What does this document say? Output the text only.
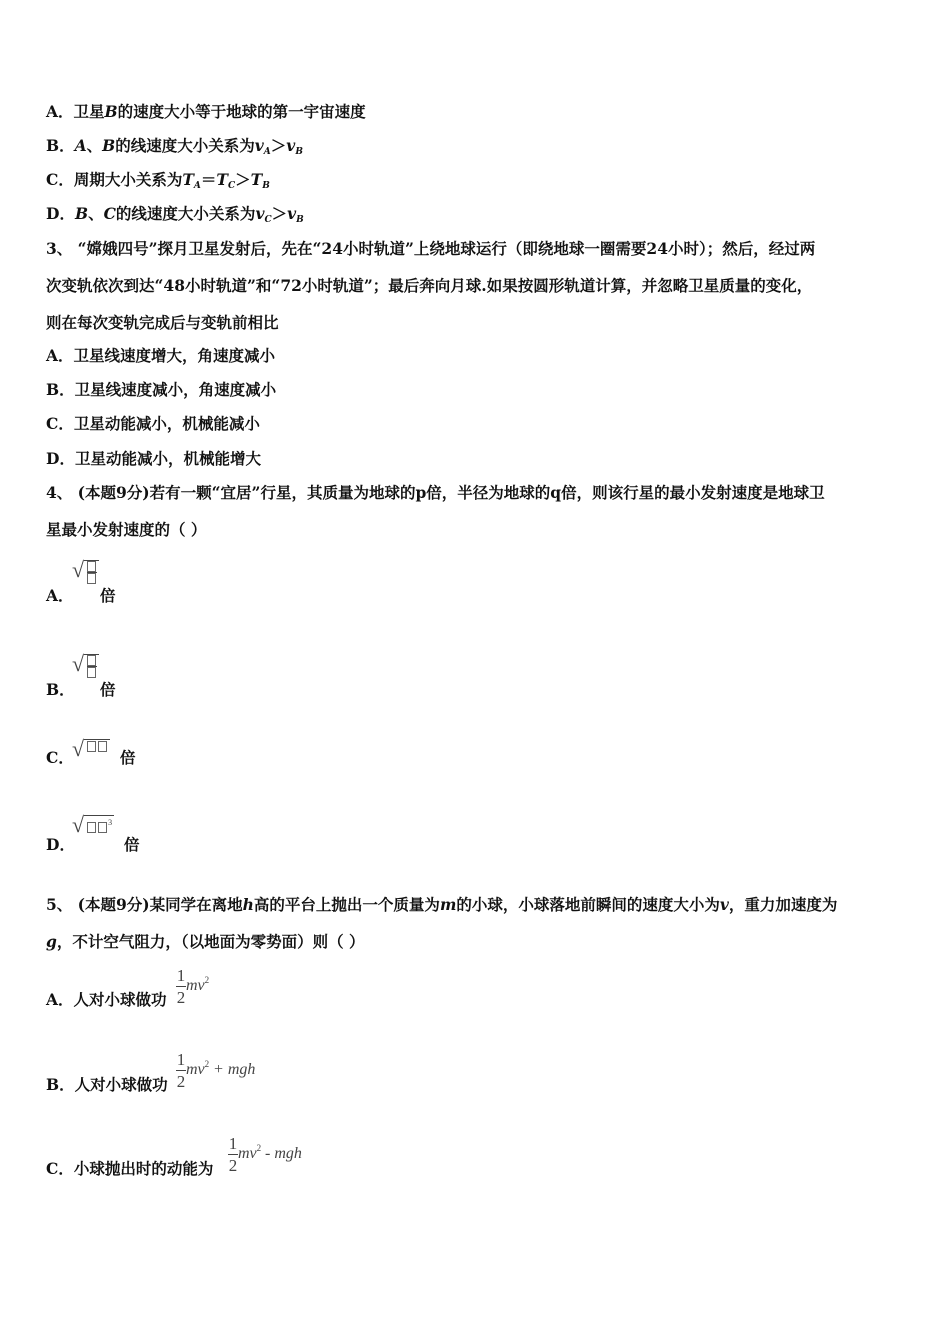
A．卫星B的速度大小等于地球的第一宇宙速度
B．A、B的线速度大小关系为$v_A>v_B$
C．周期大小关系为$T_A=T_C>T_B$
D．B、C的线速度大小关系为$v_C>v_B$
3、 “嫦娥四号”探月卫星发射后，先在“24小时轨道”上绕地球运行（即绕地球一圈需要24小时）；然后，经过两
次变轨依次到达“48小时轨道”和“72小时轨道”；最后奔向月球.如果按圆形轨道计算，并忽略卫星质量的变化，
则在每次变轨完成后与变轨前相比
A．卫星线速度增大，角速度减小
B．卫星线速度减小，角速度减小
C．卫星动能减小，机械能减小
D．卫星动能减小，机械能增大
4、 (本题9分)若有一颗“宜居”行星，其质量为地球的p倍，半径为地球的q倍，则该行星的最小发射速度是地球卫
星最小发射速度的（ ）
A．
√
倍
B．
√
倍
C．
√ 倍
D．
√	$^3$
倍
5、 (本题9分)某同学在离地h高的平台上抛出一个质量为m的小球，小球落地前瞬间的速度大小为v，重力加速度为
g，不计空气阻力，（以地面为零势面）则（ ）
A．人对小球做功 $\frac{1}{2} mv^2$
B．人对小球做功 $\frac{1}{2} mv^2$ + mgh
C．小球抛出时的动能为 $\frac{1}{2} mv^2$ - mgh
